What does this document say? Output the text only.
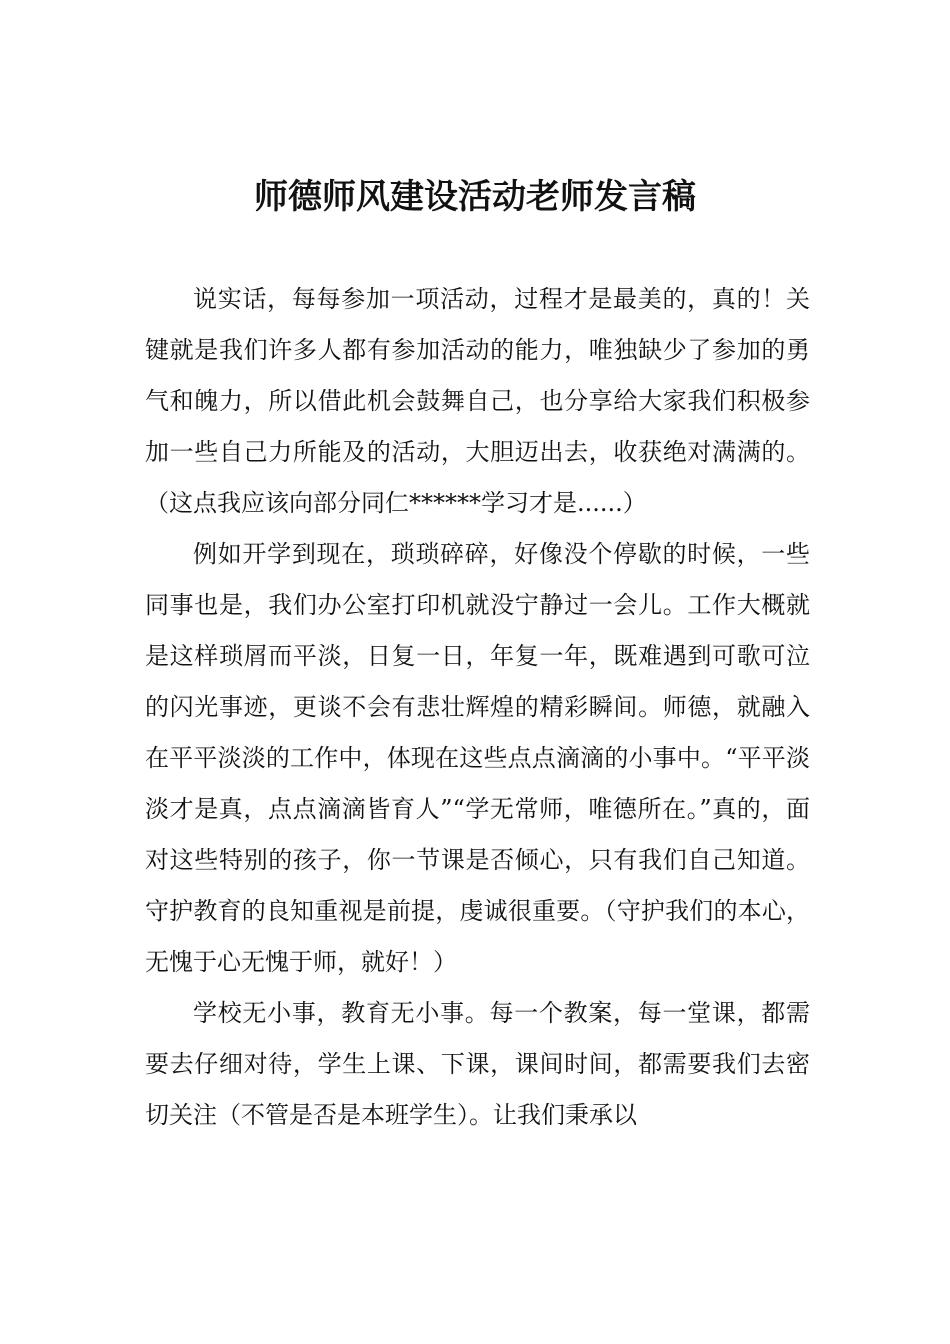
师德师风建设活动老师发言稿

说实话，每每参加一项活动，过程才是最美的，真的！关键就是我们许多人都有参加活动的能力，唯独缺少了参加的勇气和魄力，所以借此机会鼓舞自己，也分享给大家我们积极参加一些自己力所能及的活动，大胆迈出去，收获绝对满满的。（这点我应该向部分同仁******学习才是......）

例如开学到现在，琐琐碎碎，好像没个停歇的时候，一些同事也是，我们办公室打印机就没宁静过一会儿。工作大概就是这样琐屑而平淡，日复一日，年复一年，既难遇到可歌可泣的闪光事迹，更谈不会有悲壮辉煌的精彩瞬间。师德，就融入在平平淡淡的工作中，体现在这些点点滴滴的小事中。“平平淡淡才是真，点点滴滴皆育人”“学无常师，唯德所在。”真的，面对这些特别的孩子，你一节课是否倾心，只有我们自己知道。守护教育的良知重视是前提，虔诚很重要。（守护我们的本心，无愧于心无愧于师，就好！）

学校无小事，教育无小事。每一个教案，每一堂课，都需要去仔细对待，学生上课、下课，课间时间，都需要我们去密切关注（不管是否是本班学生）。让我们秉承以
